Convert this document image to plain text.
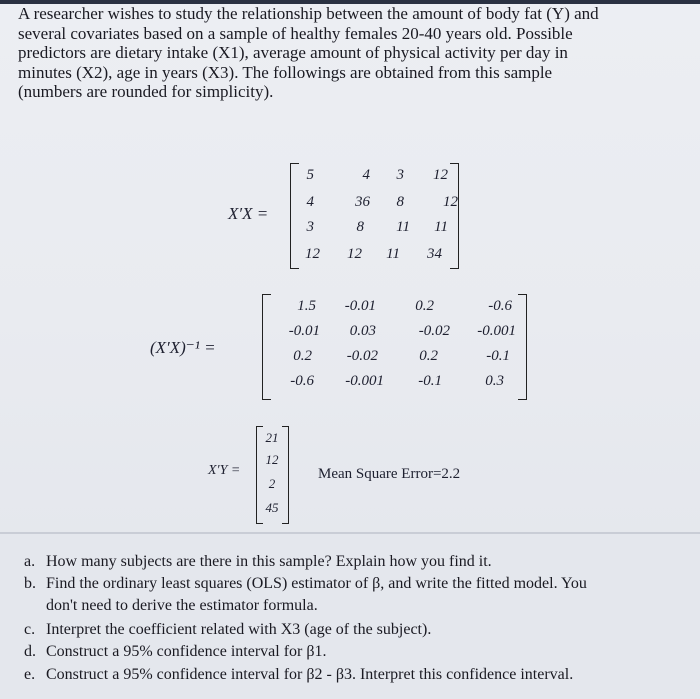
A researcher wishes to study the relationship between the amount of body fat (Y) and
several covariates based on a sample of healthy females 20-40 years old. Possible
predictors are dietary intake (X1), average amount of physical activity per day in
minutes (X2), age in years (X3). The followings are obtained from this sample
(numbers are rounded for simplicity).
X′X =
5	4	3	12
4	36	8	12
3	8	11	11
12	12	11	34
(X′X)⁻¹ =
1.5	-0.01	0.2	-0.6
-0.01	0.03	-0.02	-0.001
0.2	-0.02	0.2	-0.1
-0.6	-0.001	-0.1	0.3
X′Y =
21
12
2
45
Mean Square Error=2.2
a. How many subjects are there in this sample? Explain how you find it.
b. Find the ordinary least squares (OLS) estimator of β, and write the fitted model. You
don't need to derive the estimator formula.
c. Interpret the coefficient related with X3 (age of the subject).
d. Construct a 95% confidence interval for β1.
e. Construct a 95% confidence interval for β2 - β3. Interpret this confidence interval.
